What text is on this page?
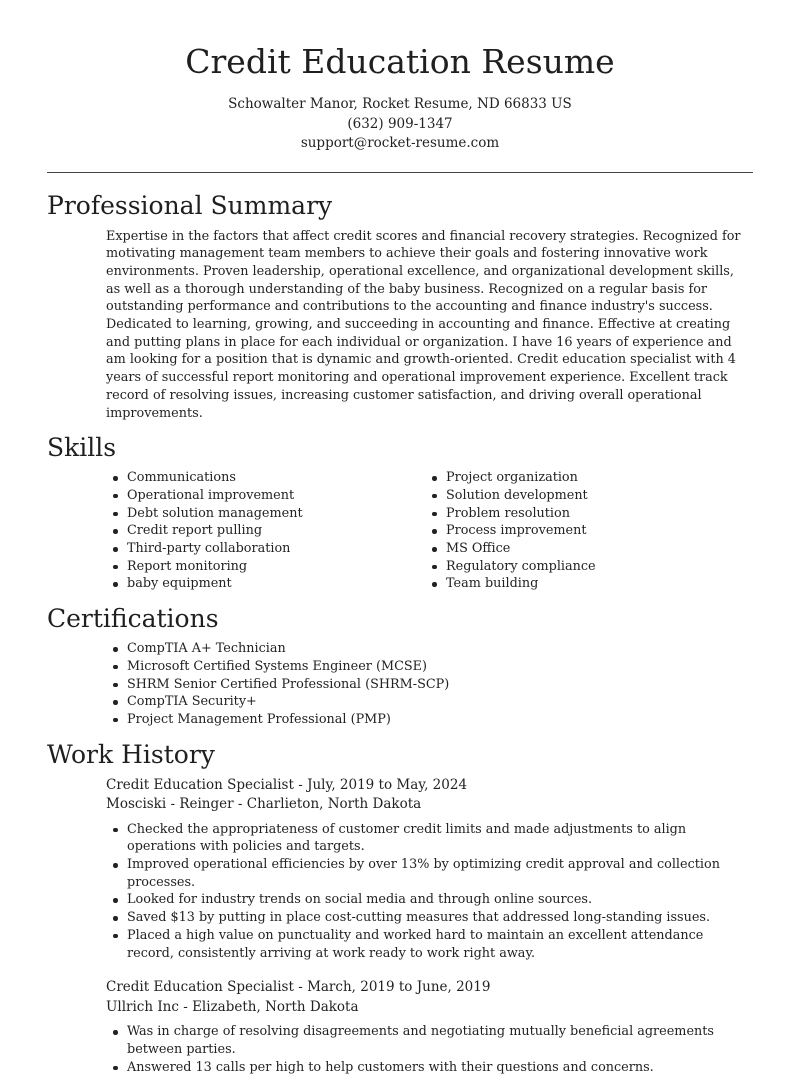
Credit Education Resume
Schowalter Manor, Rocket Resume, ND 66833 US
(632) 909-1347
support@rocket-resume.com
Professional Summary

Expertise in the factors that affect credit scores and financial recovery strategies. Recognized for motivating management team members to achieve their goals and fostering innovative work environments. Proven leadership, operational excellence, and organizational development skills, as well as a thorough understanding of the baby business. Recognized on a regular basis for outstanding performance and contributions to the accounting and finance industry's success. Dedicated to learning, growing, and succeeding in accounting and finance. Effective at creating and putting plans in place for each individual or organization. I have 16 years of experience and am looking for a position that is dynamic and growth-oriented. Credit education specialist with 4 years of successful report monitoring and operational improvement experience. Excellent track record of resolving issues, increasing customer satisfaction, and driving overall operational improvements.

Skills
Communications
Operational improvement
Debt solution management
Credit report pulling
Third-party collaboration
Report monitoring
baby equipment
Project organization
Solution development
Problem resolution
Process improvement
MS Office
Regulatory compliance
Team building
Certifications
CompTIA A+ Technician
Microsoft Certified Systems Engineer (MCSE)
SHRM Senior Certified Professional (SHRM-SCP)
CompTIA Security+
Project Management Professional (PMP)
Work History
Credit Education Specialist - July, 2019 to May, 2024
Mosciski - Reinger - Charlieton, North Dakota
Checked the appropriateness of customer credit limits and made adjustments to align operations with policies and targets.
Improved operational efficiencies by over 13% by optimizing credit approval and collection processes.
Looked for industry trends on social media and through online sources.
Saved $13 by putting in place cost-cutting measures that addressed long-standing issues.
Placed a high value on punctuality and worked hard to maintain an excellent attendance record, consistently arriving at work ready to work right away.
Credit Education Specialist - March, 2019 to June, 2019
Ullrich Inc - Elizabeth, North Dakota
Was in charge of resolving disagreements and negotiating mutually beneficial agreements between parties.
Answered 13 calls per high to help customers with their questions and concerns.
